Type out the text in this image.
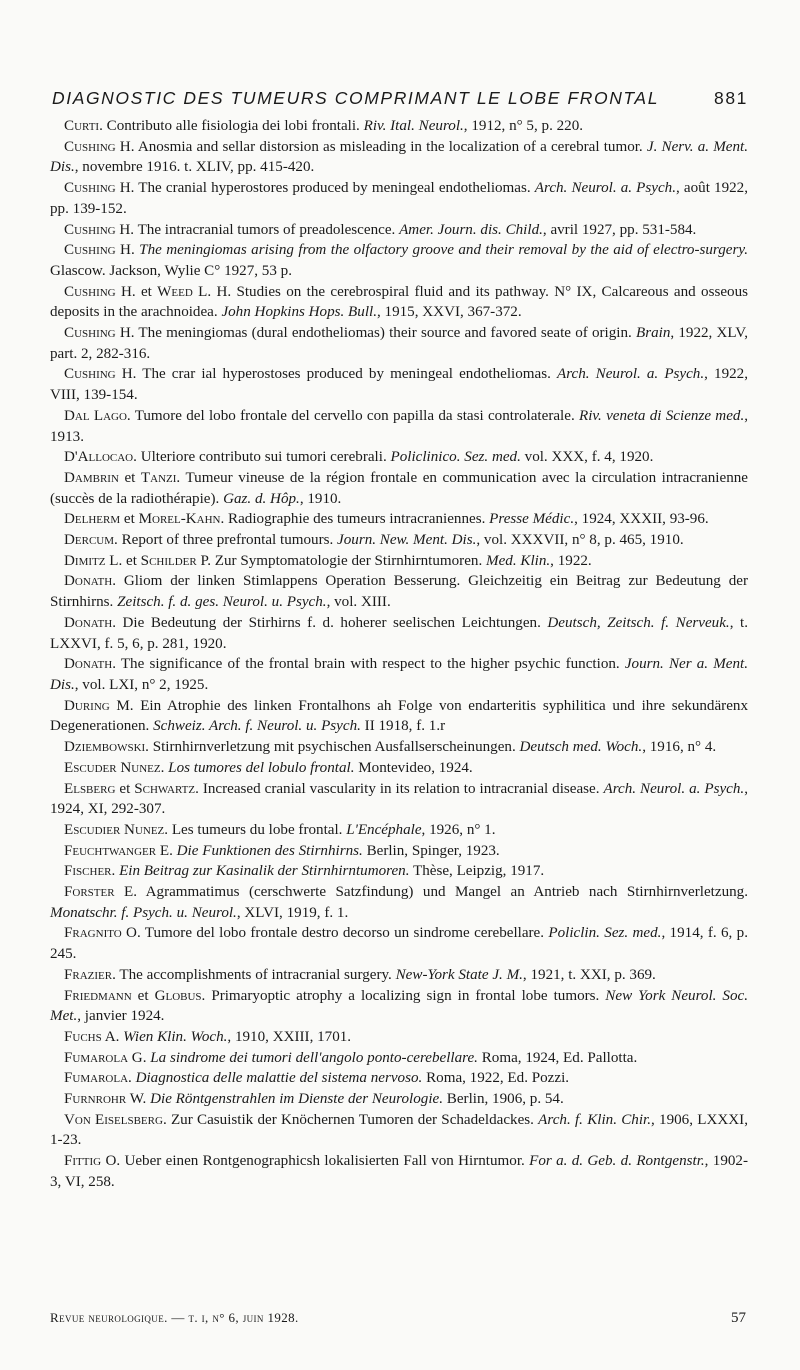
DIAGNOSTIC DES TUMEURS COMPRIMANT LE LOBE FRONTAL	881

Curti. Contributo alle fisiologia dei lobi frontali. Riv. Ital. Neurol., 1912, n° 5, p. 220.

Cushing H. Anosmia and sellar distorsion as misleading in the localization of a cerebral tumor. J. Nerv. a. Ment. Dis., novembre 1916. t. XLIV, pp. 415-420.

Cushing H. The cranial hyperostores produced by meningeal endotheliomas. Arch. Neurol. a. Psych., août 1922, pp. 139-152.

Cushing H. The intracranial tumors of preadolescence. Amer. Journ. dis. Child., avril 1927, pp. 531-584.

Cushing H. The meningiomas arising from the olfactory groove and their removal by the aid of electro-surgery. Glascow. Jackson, Wylie C° 1927, 53 p.

Cushing H. et Weed L. H. Studies on the cerebrospiral fluid and its pathway. N° IX, Calcareous and osseous deposits in the arachnoidea. John Hopkins Hops. Bull., 1915, XXVI, 367-372.

Cushing H. The meningiomas (dural endotheliomas) their source and favored seate of origin. Brain, 1922, XLV, part. 2, 282-316.

Cushing H. The crar ial hyperostoses produced by meningeal endotheliomas. Arch. Neurol. a. Psych., 1922, VIII, 139-154.

Dal Lago. Tumore del lobo frontale del cervello con papilla da stasi controlaterale. Riv. veneta di Scienze med., 1913.

D'Allocao. Ulteriore contributo sui tumori cerebrali. Policlinico. Sez. med. vol. XXX, f. 4, 1920.

Dambrin et Tanzi. Tumeur vineuse de la région frontale en communication avec la circulation intracranienne (succès de la radiothérapie). Gaz. d. Hôp., 1910.

Delherm et Morel-Kahn. Radiographie des tumeurs intracraniennes. Presse Médic., 1924, XXXII, 93-96.

Dercum. Report of three prefrontal tumours. Journ. New. Ment. Dis., vol. XXXVII, n° 8, p. 465, 1910.

Dimitz L. et Schilder P. Zur Symptomatologie der Stirnhirntumoren. Med. Klin., 1922.

Donath. Gliom der linken Stimlappens Operation Besserung. Gleichzeitig ein Beitrag zur Bedeutung der Stirnhirns. Zeitsch. f. d. ges. Neurol. u. Psych., vol. XIII.

Donath. Die Bedeutung der Stirhirns f. d. hoherer seelischen Leichtungen. Deutsch, Zeitsch. f. Nerveuk., t. LXXVI, f. 5, 6, p. 281, 1920.

Donath. The significance of the frontal brain with respect to the higher psychic function. Journ. Ner a. Ment. Dis., vol. LXI, n° 2, 1925.

During M. Ein Atrophie des linken Frontalhons ah Folge von endarteritis syphilitica und ihre sekundärenx Degenerationen. Schweiz. Arch. f. Neurol. u. Psych. II 1918, f. 1.r

Dziembowski. Stirnhirnverletzung mit psychischen Ausfallserscheinungen. Deutsch med. Woch., 1916, n° 4.

Escuder Nunez. Los tumores del lobulo frontal. Montevideo, 1924.

Elsberg et Schwartz. Increased cranial vascularity in its relation to intracranial disease. Arch. Neurol. a. Psych., 1924, XI, 292-307.

Escudier Nunez. Les tumeurs du lobe frontal. L'Encéphale, 1926, n° 1.

Feuchtwanger E. Die Funktionen des Stirnhirns. Berlin, Spinger, 1923.

Fischer. Ein Beitrag zur Kasinalik der Stirnhirntumoren. Thèse, Leipzig, 1917.

Forster E. Agrammatimus (cerschwerte Satzfindung) und Mangel an Antrieb nach Stirnhirnverletzung. Monatschr. f. Psych. u. Neurol., XLVI, 1919, f. 1.

Fragnito O. Tumore del lobo frontale destro decorso un sindrome cerebellare. Policlin. Sez. med., 1914, f. 6, p. 245.

Frazier. The accomplishments of intracranial surgery. New-York State J. M., 1921, t. XXI, p. 369.

Friedmann et Globus. Primaryoptic atrophy a localizing sign in frontal lobe tumors. New York Neurol. Soc. Met., janvier 1924.

Fuchs A. Wien Klin. Woch., 1910, XXIII, 1701.

Fumarola G. La sindrome dei tumori dell'angolo ponto-cerebellare. Roma, 1924, Ed. Pallotta.

Fumarola. Diagnostica delle malattie del sistema nervoso. Roma, 1922, Ed. Pozzi.

Furnrohr W. Die Röntgenstrahlen im Dienste der Neurologie. Berlin, 1906, p. 54.

Von Eiselsberg. Zur Casuistik der Knöchernen Tumoren der Schadeldackes. Arch. f. Klin. Chir., 1906, LXXXI, 1-23.

Fittig O. Ueber einen Rontgenographicsh lokalisierten Fall von Hirntumor. For a. d. Geb. d. Rontgenstr., 1902-3, VI, 258.

Revue neurologique. — t. i, n° 6, juin 1928.	57
